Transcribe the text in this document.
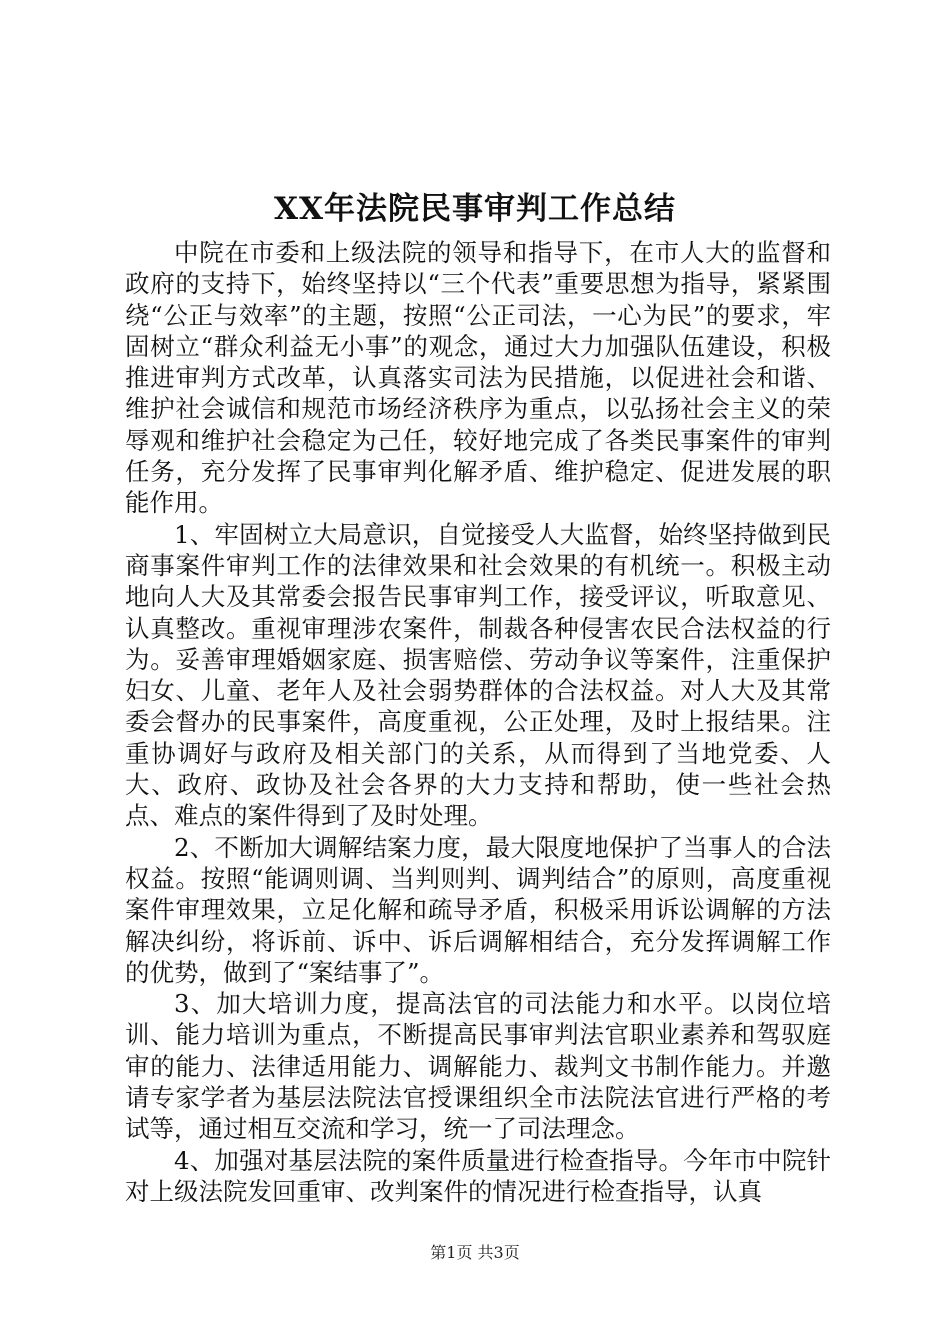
XX年法院民事审判工作总结

中院在市委和上级法院的领导和指导下，在市人大的监督和政府的支持下，始终坚持以“三个代表”重要思想为指导，紧紧围绕“公正与效率”的主题，按照“公正司法，一心为民”的要求，牢固树立“群众利益无小事”的观念，通过大力加强队伍建设，积极推进审判方式改革，认真落实司法为民措施，以促进社会和谐、维护社会诚信和规范市场经济秩序为重点，以弘扬社会主义的荣辱观和维护社会稳定为己任，较好地完成了各类民事案件的审判任务，充分发挥了民事审判化解矛盾、维护稳定、促进发展的职能作用。

1、牢固树立大局意识，自觉接受人大监督，始终坚持做到民商事案件审判工作的法律效果和社会效果的有机统一。积极主动地向人大及其常委会报告民事审判工作，接受评议，听取意见、认真整改。重视审理涉农案件，制裁各种侵害农民合法权益的行为。妥善审理婚姻家庭、损害赔偿、劳动争议等案件，注重保护妇女、儿童、老年人及社会弱势群体的合法权益。对人大及其常委会督办的民事案件，高度重视，公正处理，及时上报结果。注重协调好与政府及相关部门的关系，从而得到了当地党委、人大、政府、政协及社会各界的大力支持和帮助，使一些社会热点、难点的案件得到了及时处理。

2、不断加大调解结案力度，最大限度地保护了当事人的合法权益。按照“能调则调、当判则判、调判结合”的原则，高度重视案件审理效果，立足化解和疏导矛盾，积极采用诉讼调解的方法解决纠纷，将诉前、诉中、诉后调解相结合，充分发挥调解工作的优势，做到了“案结事了”。

3、加大培训力度，提高法官的司法能力和水平。以岗位培训、能力培训为重点，不断提高民事审判法官职业素养和驾驭庭审的能力、法律适用能力、调解能力、裁判文书制作能力。并邀请专家学者为基层法院法官授课组织全市法院法官进行严格的考试等，通过相互交流和学习，统一了司法理念。

4、加强对基层法院的案件质量进行检查指导。今年市中院针对上级法院发回重审、改判案件的情况进行检查指导，认真

第1页 共3页
